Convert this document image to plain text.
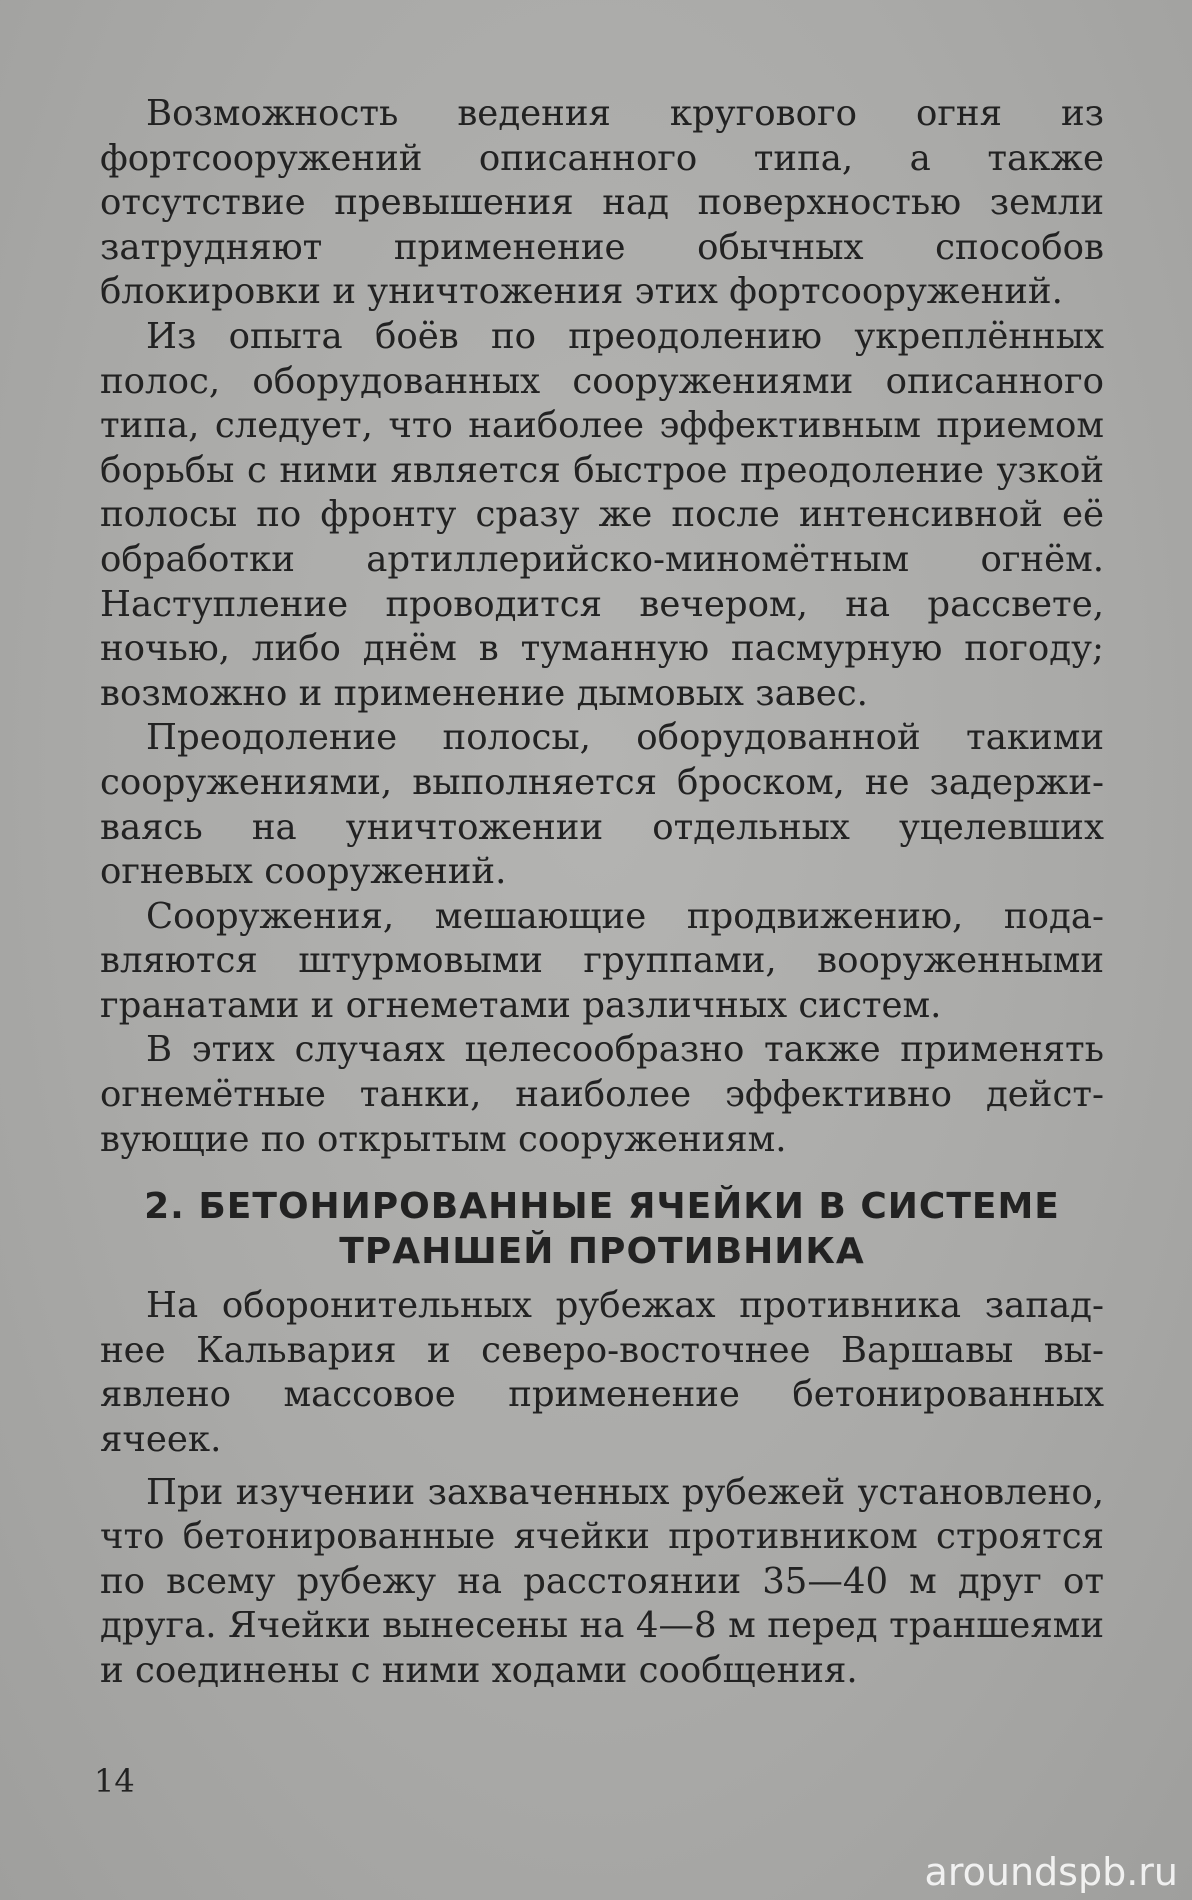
Возможность ведения кругового огня из фортсооружений описанного типа, а также отсутствие превышения над поверхностью земли затрудняют применение обычных способов блокировки и уничтожения этих фортсооружений.

Из опыта боёв по преодолению укреплённых полос, оборудованных сооружениями описанного типа, следует, что наиболее эффективным приемом борьбы с ними является быстрое преодоление узкой полосы по фронту сразу же после интенсивной её обработки артиллерийско-миномётным огнём. Наступление проводится вечером, на рассвете, ночью, либо днём в туманную пасмурную погоду; возможно и применение дымовых завес.

Преодоление полосы, оборудованной такими сооружениями, выполняется броском, не задерживаясь на уничтожении отдельных уцелевших огневых сооружений.

Сооружения, мешающие продвижению, подавляются штурмовыми группами, вооруженными гранатами и огнеметами различных систем.

В этих случаях целесообразно также применять огнемётные танки, наиболее эффективно действующие по открытым сооружениям.

2. БЕТОНИРОВАННЫЕ ЯЧЕЙКИ В СИСТЕМЕ
ТРАНШЕЙ ПРОТИВНИКА

На оборонительных рубежах противника западнее Кальвария и северо-восточнее Варшавы выявлено массовое применение бетонированных ячеек.

При изучении захваченных рубежей установлено, что бетонированные ячейки противником строятся по всему рубежу на расстоянии 35—40 м друг от друга. Ячейки вынесены на 4—8 м перед траншеями и соединены с ними ходами сообщения.

14
aroundspb.ru
